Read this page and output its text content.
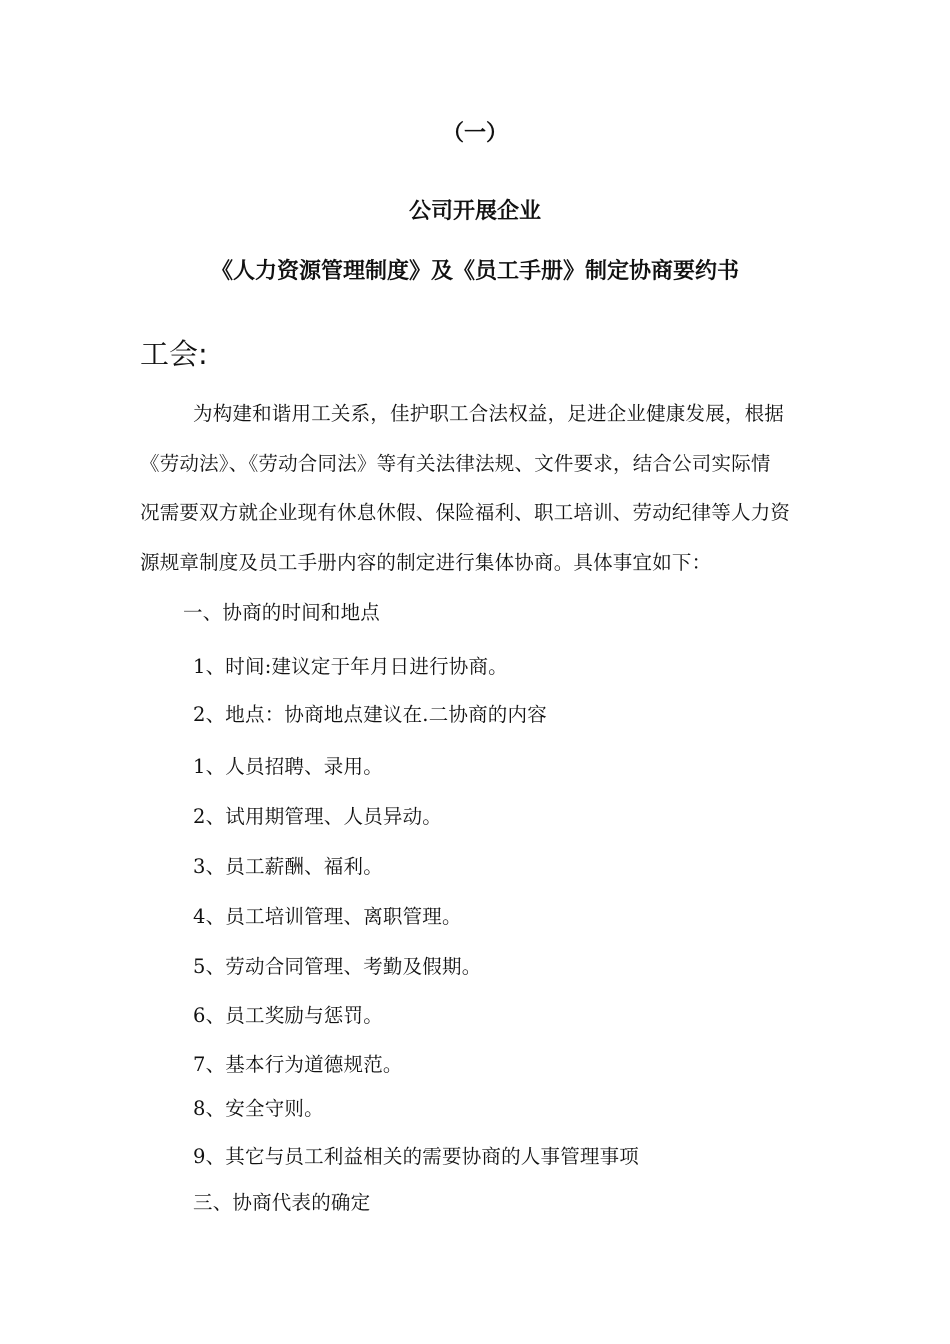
（一）
公司开展企业
《人力资源管理制度》及《员工手册》制定协商要约书
工会:
为构建和谐用工关系，佳护职工合法权益，足进企业健康发展，根据
《劳动法》、《劳动合同法》等有关法律法规、文件要求，结合公司实际情
况需要双方就企业现有休息休假、保险福利、职工培训、劳动纪律等人力资
源规章制度及员工手册内容的制定进行集体协商。具体事宜如下：
一、协商的时间和地点
1、时间:建议定于年月日进行协商。
2、地点：协商地点建议在.二协商的内容
1、人员招聘、录用。
2、试用期管理、人员异动。
3、员工薪酬、福利。
4、员工培训管理、离职管理。
5、劳动合同管理、考勤及假期。
6、员工奖励与惩罚。
7、基本行为道德规范。
8、安全守则。
9、其它与员工利益相关的需要协商的人事管理事项
三、协商代表的确定
